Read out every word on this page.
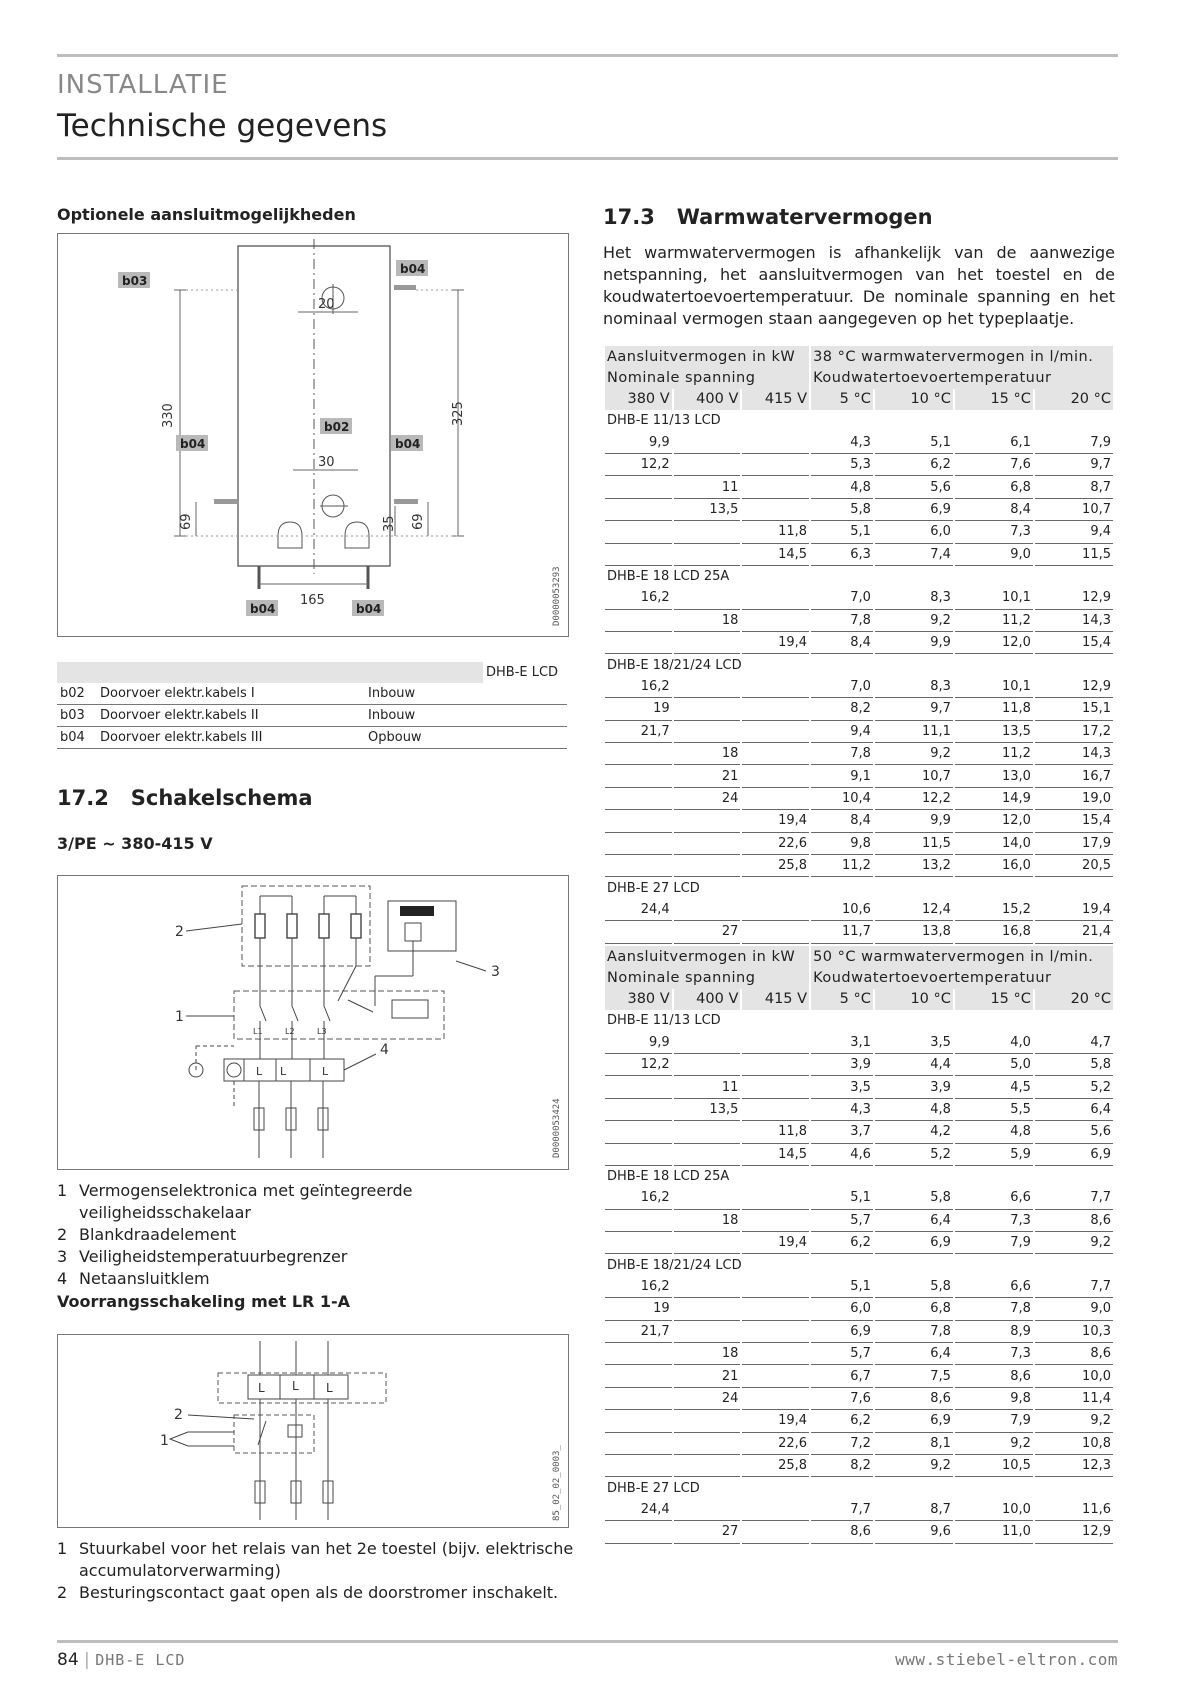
INSTALLATIE
Technische gegevens
Optionele aansluitmogelijkheden
b03
b04
b04	b04
b02
b04	b04
20
30
165
330	325
69	35 69
D0000053293
			DHB-E LCD
b02	Doorvoer elektr.kabels I	Inbouw	
b03	Doorvoer elektr.kabels II	Inbouw	
b04	Doorvoer elektr.kabels III	Opbouw	
17.2 Schakelschema
3/PE ~ 380-415 V
L1	L2	L3
L L	L
2
1
3
4
D0000053424
1 Vermogenselektronica met geïntegreerde veiligheidsschakelaar
2 Blankdraadelement
3 Veiligheidstemperatuurbegrenzer
4 Netaansluitklem
Voorrangsschakeling met LR 1-A
L L L
2
1
85_02_02_0003_
1 Stuurkabel voor het relais van het 2e toestel (bijv. elektrische accumulatorverwarming)
2 Besturingscontact gaat open als de doorstromer inschakelt.
17.3 Warmwatervermogen
Het warmwatervermogen is afhankelijk van de aanwezige netspanning, het aansluitvermogen van het toestel en de koudwatertoevoertemperatuur. De nominale spanning en het nominaal vermogen staan aangegeven op het typeplaatje.
Aansluitvermogen in kW			38 °C warmwatervermogen in l/min.			
Nominale spanning			Koudwatertoevoertemperatuur			
380 V	400 V	415 V	5 °C	10 °C	15 °C	20 °C
DHB-E 11/13 LCD						
9,9			4,3	5,1	6,1	7,9
12,2			5,3	6,2	7,6	9,7
	11		4,8	5,6	6,8	8,7
	13,5		5,8	6,9	8,4	10,7
		11,8	5,1	6,0	7,3	9,4
		14,5	6,3	7,4	9,0	11,5
DHB-E 18 LCD 25A						
16,2			7,0	8,3	10,1	12,9
	18		7,8	9,2	11,2	14,3
		19,4	8,4	9,9	12,0	15,4
DHB-E 18/21/24 LCD						
16,2			7,0	8,3	10,1	12,9
19			8,2	9,7	11,8	15,1
21,7			9,4	11,1	13,5	17,2
	18		7,8	9,2	11,2	14,3
	21		9,1	10,7	13,0	16,7
	24		10,4	12,2	14,9	19,0
		19,4	8,4	9,9	12,0	15,4
		22,6	9,8	11,5	14,0	17,9
		25,8	11,2	13,2	16,0	20,5
DHB-E 27 LCD						
24,4			10,6	12,4	15,2	19,4
	27		11,7	13,8	16,8	21,4
Aansluitvermogen in kW			50 °C warmwatervermogen in l/min.			
Nominale spanning			Koudwatertoevoertemperatuur			
380 V	400 V	415 V	5 °C	10 °C	15 °C	20 °C
DHB-E 11/13 LCD						
9,9			3,1	3,5	4,0	4,7
12,2			3,9	4,4	5,0	5,8
	11		3,5	3,9	4,5	5,2
	13,5		4,3	4,8	5,5	6,4
		11,8	3,7	4,2	4,8	5,6
		14,5	4,6	5,2	5,9	6,9
DHB-E 18 LCD 25A						
16,2			5,1	5,8	6,6	7,7
	18		5,7	6,4	7,3	8,6
		19,4	6,2	6,9	7,9	9,2
DHB-E 18/21/24 LCD						
16,2			5,1	5,8	6,6	7,7
19			6,0	6,8	7,8	9,0
21,7			6,9	7,8	8,9	10,3
	18		5,7	6,4	7,3	8,6
	21		6,7	7,5	8,6	10,0
	24		7,6	8,6	9,8	11,4
		19,4	6,2	6,9	7,9	9,2
		22,6	7,2	8,1	9,2	10,8
		25,8	8,2	9,2	10,5	12,3
DHB-E 27 LCD						
24,4			7,7	8,7	10,0	11,6
	27		8,6	9,6	11,0	12,9
84 | DHB-E LCD	www.stiebel-eltron.com
